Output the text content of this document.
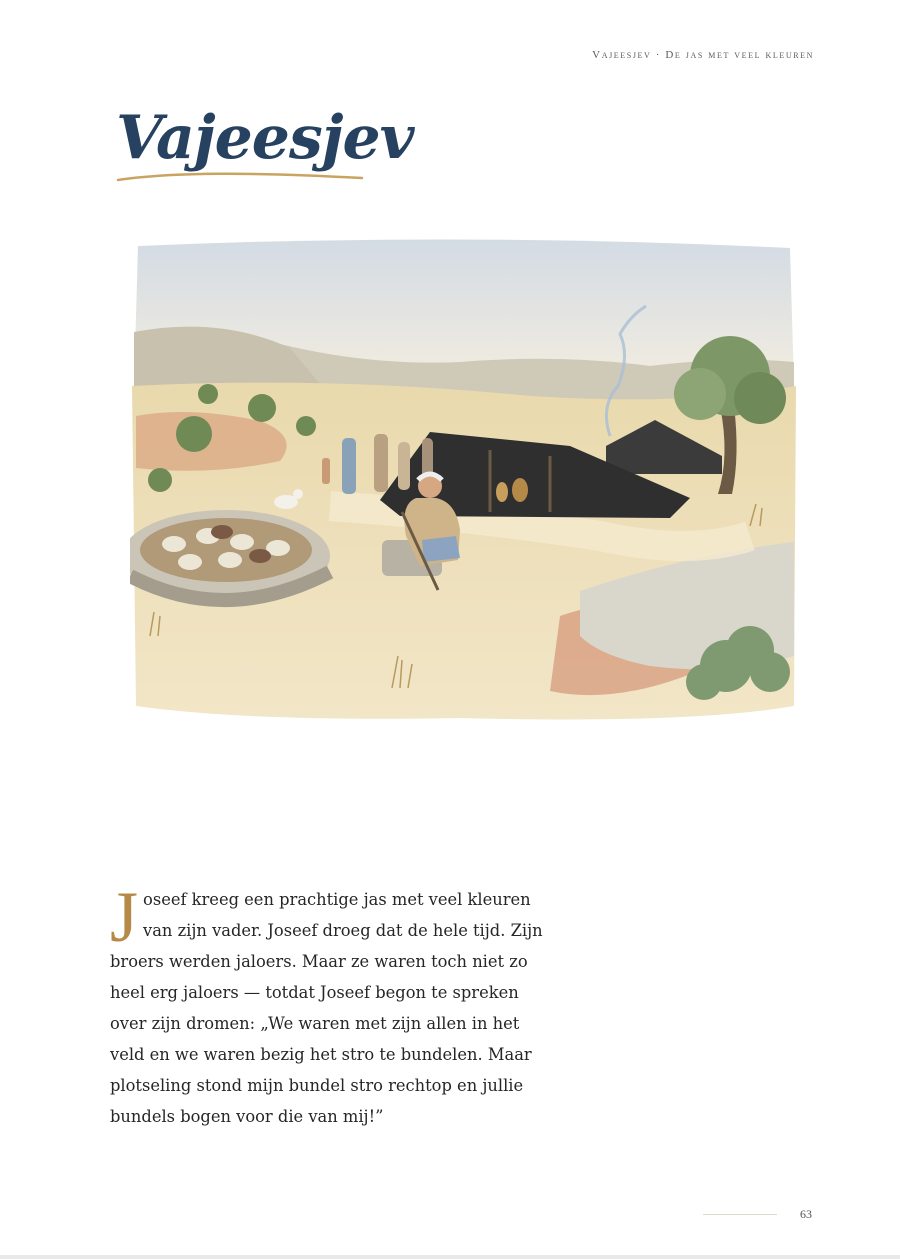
Vajeesjev · De jas met veel kleuren
Vajeesjev

Joseef kreeg een prachtige jas met veel kleuren van zijn vader. Joseef droeg dat de hele tijd. Zijn broers werden jaloers. Maar ze waren toch niet zo heel erg jaloers — totdat Joseef begon te spreken over zijn dromen: „We waren met zijn allen in het veld en we waren bezig het stro te bundelen. Maar plotseling stond mijn bundel stro rechtop en jullie bundels bogen voor die van mij!”

63
